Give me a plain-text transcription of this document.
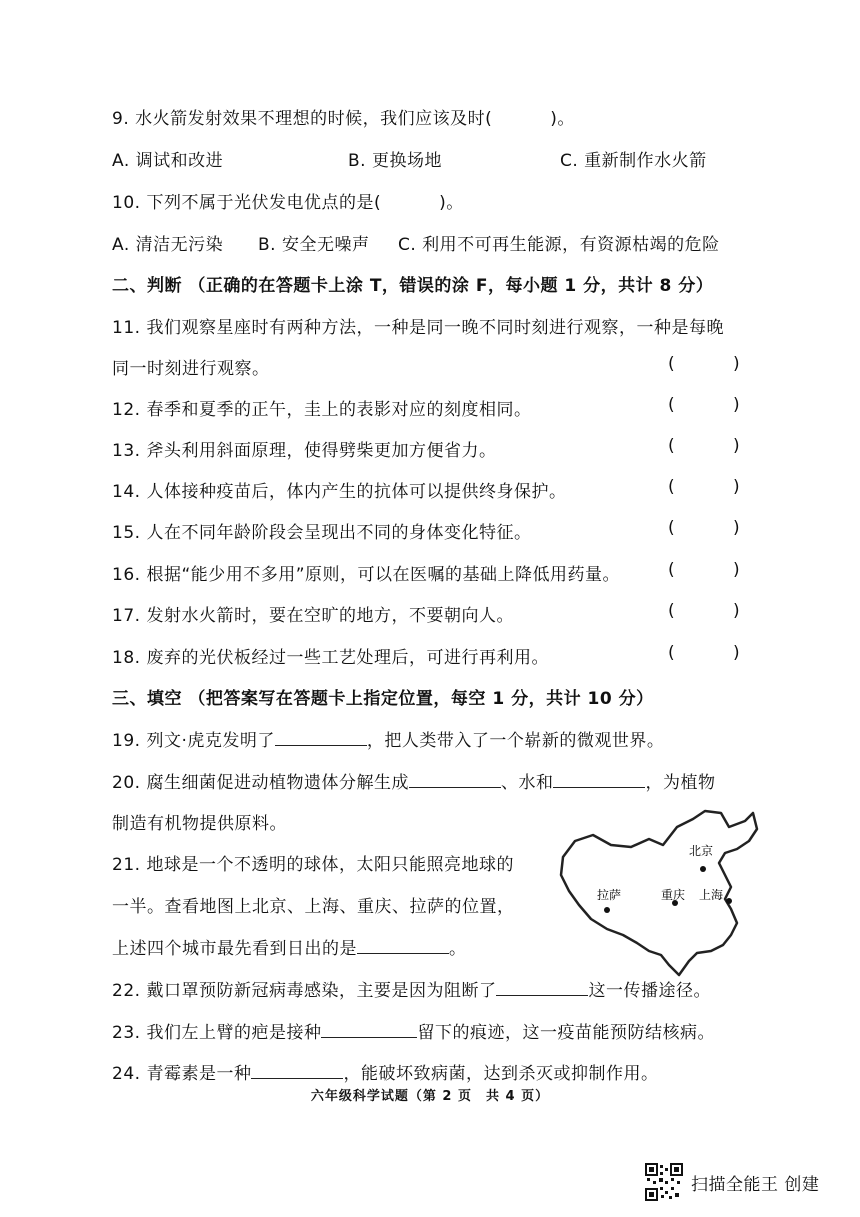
9. 水火箭发射效果不理想的时候，我们应该及时(	)。
A. 调试和改进	B. 更换场地	C. 重新制作水火箭
10. 下列不属于光伏发电优点的是(	)。
A. 清洁无污染 B. 安全无噪声 C. 利用不可再生能源，有资源枯竭的危险
二、判断 （正确的在答题卡上涂 T，错误的涂 F，每小题 1 分，共计 8 分）
11. 我们观察星座时有两种方法，一种是同一晚不同时刻进行观察，一种是每晚
同一时刻进行观察。	(	)
12. 春季和夏季的正午，圭上的表影对应的刻度相同。	(	)
13. 斧头利用斜面原理，使得劈柴更加方便省力。	(	)
14. 人体接种疫苗后，体内产生的抗体可以提供终身保护。	(	)
15. 人在不同年龄阶段会呈现出不同的身体变化特征。	(	)
16. 根据“能少用不多用”原则，可以在医嘱的基础上降低用药量。	(	)
17. 发射水火箭时，要在空旷的地方，不要朝向人。	(	)
18. 废弃的光伏板经过一些工艺处理后，可进行再利用。	(	)
三、填空 （把答案写在答题卡上指定位置，每空 1 分，共计 10 分）
19. 列文·虎克发明了	，把人类带入了一个崭新的微观世界。
20. 腐生细菌促进动植物遗体分解生成	、水和	，为植物
制造有机物提供原料。
21. 地球是一个不透明的球体，太阳只能照亮地球的
一半。查看地图上北京、上海、重庆、拉萨的位置，
上述四个城市最先看到日出的是	。
北京
拉萨	重庆 上海
22. 戴口罩预防新冠病毒感染，主要是因为阻断了	这一传播途径。
23. 我们左上臂的疤是接种	留下的痕迹，这一疫苗能预防结核病。
24. 青霉素是一种	，能破坏致病菌，达到杀灭或抑制作用。
六年级科学试题（第 2 页　共 4 页）
扫描全能王 创建
